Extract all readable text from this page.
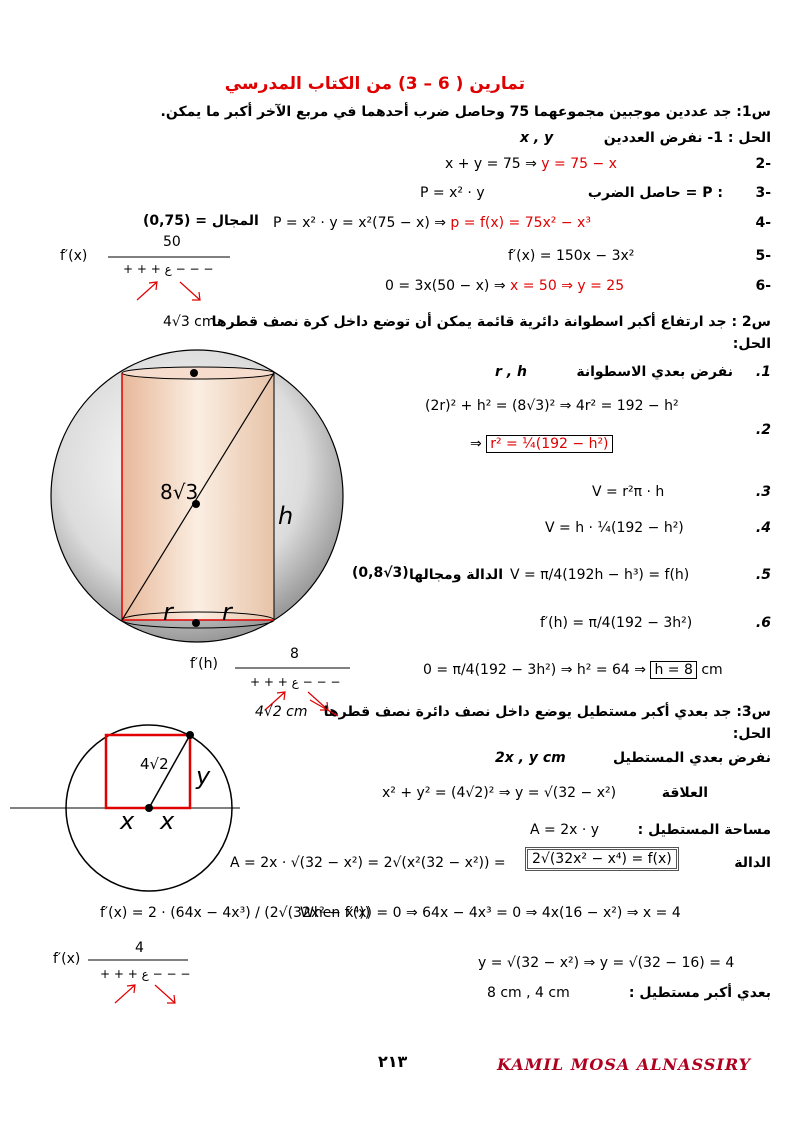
تمارين ( 6 – 3) من الكتاب المدرسي
س1: جد عددين موجبين مجموعهما 75 وحاصل ضرب أحدهما في مربع الآخر أكبر ما يمكن.
الحل : 1- نفرض العددين
x , y
-2
x + y = 75 ⇒ y = 75 − x
-3
: P = حاصل الضرب
P = x² · y
-4
P = x² · y = x²(75 − x) ⇒ p = f(x) = 75x² − x³
(0,75) = المجال
-5
f′(x) = 150x − 3x²
-6
0 = 3x(50 − x) ⇒ x = 50 ⇒ y = 25
f′(x)
50
+ + + ع − − −
س2 : جد ارتفاع أكبر اسطوانة دائرية قائمة يمكن أن توضع داخل كرة نصف قطرها
4√3 cm
الحل:
1.
نفرض بعدي الاسطوانة
r , h
(2r)² + h² = (8√3)² ⇒ 4r² = 192 − h²
2.
⇒ r² = ¼(192 − h²)
3.
V = r²π · h
4.
V = h · ¼(192 − h²)
5.
V = π/4(192h − h³) = f(h)
الدالة ومجالها
(0,8√3)
6.
f′(h) = π/4(192 − 3h²)
0 = π/4(192 − 3h²) ⇒ h² = 64 ⇒ h = 8 cm
f′(h)
8
+ + + ع − − −
8√3
h
r r
س3: جد بعدي أكبر مستطيل يوضع داخل نصف دائرة نصف قطرها
4√2 cm
الحل:
نفرض بعدي المستطيل
2x , y cm
العلاقة
x² + y² = (4√2)² ⇒ y = √(32 − x²)
مساحة المستطيل :
A = 2x · y
الدالة
A = 2x · √(32 − x²) = 2√(x²(32 − x²)) =	2√(32x² − x⁴) = f(x)
f′(x) = 2 · (64x − 4x³) / (2√(32x² − x⁴))
When f′(x) = 0 ⇒ 64x − 4x³ = 0 ⇒ 4x(16 − x²) ⇒ x = 4
f′(x)
4
+ + + ع − − −
y = √(32 − x²) ⇒ y = √(32 − 16) = 4
بعدي أكبر مستطيل :
8 cm , 4 cm
4√2 y
x x
٢١٣	KAMIL MOSA ALNASSIRY
